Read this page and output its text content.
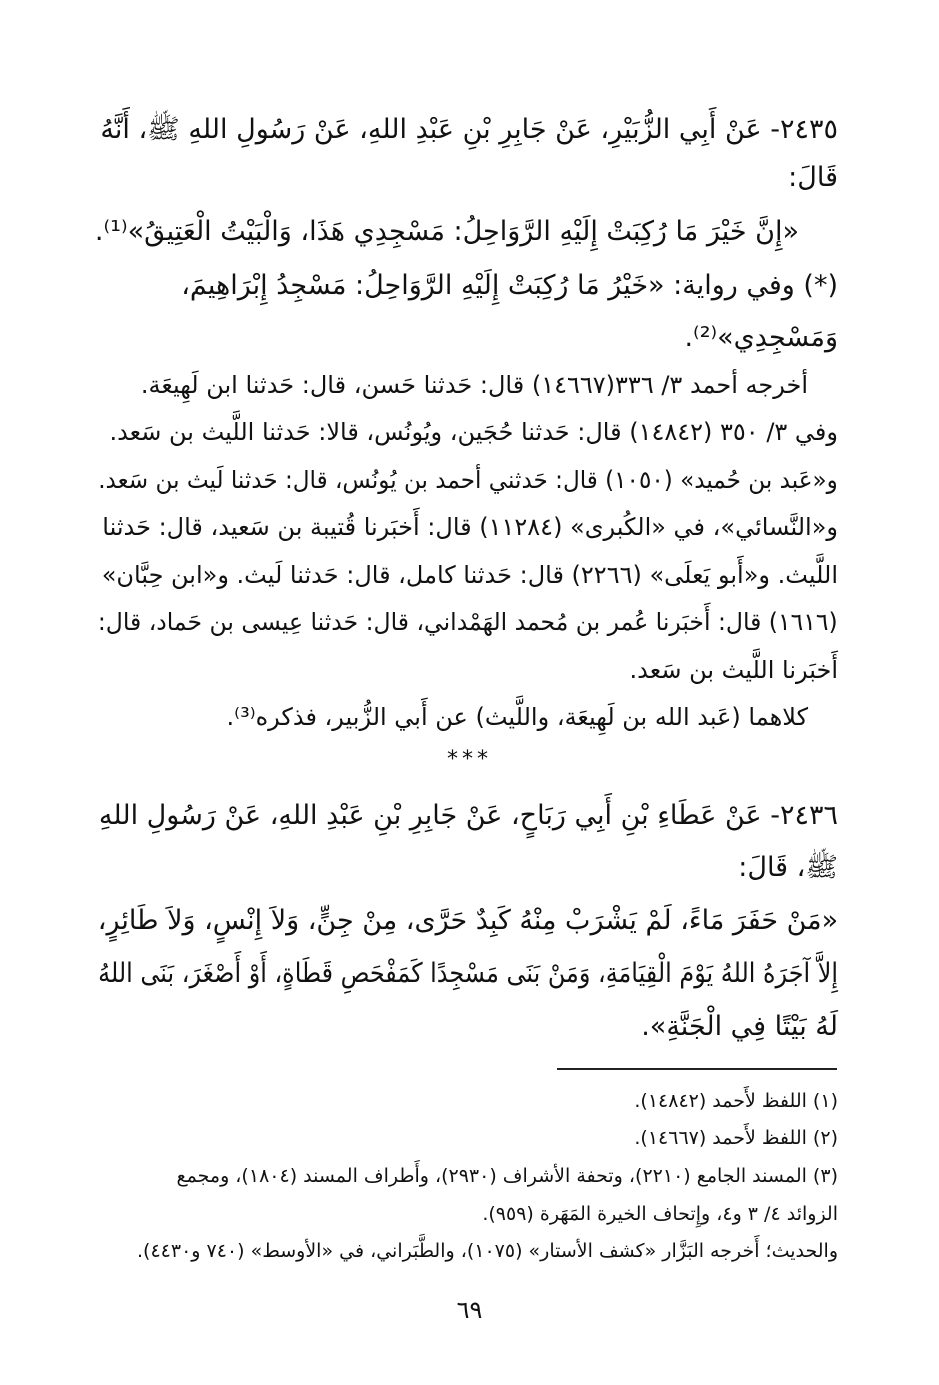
٢٤٣٥- عَنْ أَبِي الزُّبَيْرِ، عَنْ جَابِرِ بْنِ عَبْدِ اللهِ، عَنْ رَسُولِ اللهِ ﷺ، أَنَّهُ
قَالَ:
«إِنَّ خَيْرَ مَا رُكِبَتْ إِلَيْهِ الرَّوَاحِلُ: مَسْجِدِي هَذَا، وَالْبَيْتُ الْعَتِيقُ»⁽¹⁾.
(*) وفي رواية: «خَيْرُ مَا رُكِبَتْ إِلَيْهِ الرَّوَاحِلُ: مَسْجِدُ إِبْرَاهِيمَ،
وَمَسْجِدِي»⁽²⁾.
أخرجه أحمد ٣/ ٣٣٦(١٤٦٦٧) قال: حَدثنا حَسن، قال: حَدثنا ابن لَهِيعَة.
وفي ٣/ ٣٥٠ (١٤٨٤٢) قال: حَدثنا حُجَين، ويُونُس، قالا: حَدثنا اللَّيث بن سَعد.
و«عَبد بن حُميد» (١٠٥٠) قال: حَدثني أحمد بن يُونُس، قال: حَدثنا لَيث بن سَعد.
و«النَّسائي»، في «الكُبرى» (١١٢٨٤) قال: أَخبَرنا قُتيبة بن سَعيد، قال: حَدثنا
اللَّيث. و«أَبو يَعلَى» (٢٢٦٦) قال: حَدثنا كامل، قال: حَدثنا لَيث. و«ابن حِبَّان»
(١٦١٦) قال: أَخبَرنا عُمر بن مُحمد الهَمْداني، قال: حَدثنا عِيسى بن حَماد، قال:
أَخبَرنا اللَّيث بن سَعد.
كلاهما (عَبد الله بن لَهِيعَة، واللَّيث) عن أَبي الزُّبير، فذكره⁽³⁾.
***
٢٤٣٦- عَنْ عَطَاءِ بْنِ أَبِي رَبَاحٍ، عَنْ جَابِرِ بْنِ عَبْدِ اللهِ، عَنْ رَسُولِ اللهِ
ﷺ، قَالَ:
«مَنْ حَفَرَ مَاءً، لَمْ يَشْرَبْ مِنْهُ كَبِدٌ حَرَّى، مِنْ جِنٍّ، وَلاَ إِنْسٍ، وَلاَ طَائِرٍ،
إِلاَّ آجَرَهُ اللهُ يَوْمَ الْقِيَامَةِ، وَمَنْ بَنَى مَسْجِدًا كَمَفْحَصِ قَطَاةٍ، أَوْ أَصْغَرَ، بَنَى اللهُ
لَهُ بَيْتًا فِي الْجَنَّةِ».
(١) اللفظ لأَحمد (١٤٨٤٢).
(٢) اللفظ لأَحمد (١٤٦٦٧).
(٣) المسند الجامع (٢٢١٠)، وتحفة الأشراف (٢٩٣٠)، وأَطراف المسند (١٨٠٤)، ومجمع
الزوائد ٤/ ٣ و٤، وإِتحاف الخيرة المَهَرة (٩٥٩).
والحديث؛ أَخرجه البَزَّار «كشف الأستار» (١٠٧٥)، والطَّبَراني، في «الأوسط» (٧٤٠ و٤٤٣٠).
٦٩
